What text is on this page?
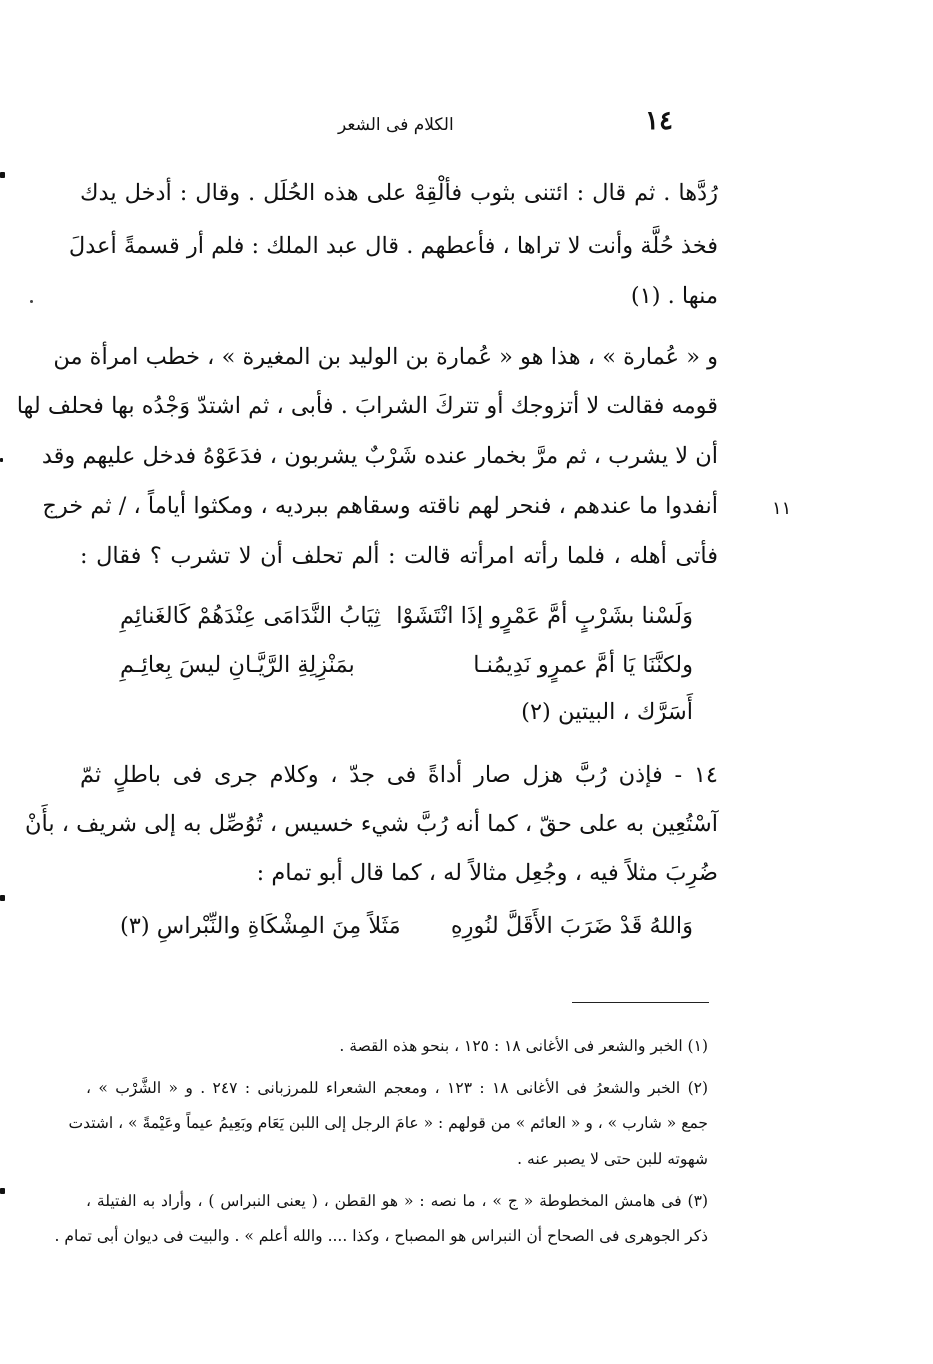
١٤
الكلام فى الشعر
رُدَّها . ثم قال : ائتنى بثوب فألْقِهْ على هذه الحُلَل . وقال : أدخل يدك
فخذ حُلَّة وأنت لا تراها ، فأعطهم . قال عبد الملك : فلم أر قسمةً أعدلَ
منها . (١)
و « عُمارة » ، هذا هو « عُمارة بن الوليد بن المغيرة » ، خطب امرأة من
قومه فقالت لا أتزوجك أو تتركَ الشرابَ . فأبى ، ثم اشتدّ وَجْدُه بها فحلف لها
أن لا يشرب ، ثم مرَّ بخمار عنده شَرْبٌ يشربون ، فدَعَوْهُ فدخل عليهم وقد
أنفدوا ما عندهم ، فنحر لهم ناقته وسقاهم ببرديه ، ومكثوا أياماً ، / ثم خرج
فأتى أهله ، فلما رأته امرأته قالت : ألم تحلف أن لا تشرب ؟ فقال :
١١
وَلَسْنا بشَرْبٍ أمَّ عَمْرٍو إذَا انْتَشَوْا
ثِيَابُ النَّدَامَى عِنْدَهُمْ كَالغَنائِمِ
ولكنَّنَا يَا أمَّ عمرٍو نَدِيمُنـا
بمَنْزِلِةِ الرَّيَّـانِ ليسَ بِعائِـمِ
أَسَرَّك ، البيتين (٢)
١٤ - فإذن رُبَّ هزل صار أداةً فى جدّ ، وكلام جرى فى باطلٍ ثمّ
آسْتُعِين به على حقّ ، كما أنه رُبَّ شيء خسيس ، تُوُصِّل به إلى شريف ، بأَنْ
ضُرِبَ مثلاً فيه ، وجُعِل مثالاً له ، كما قال أبو تمام :
وَاللهُ قَدْ ضَرَبَ الأَقَلَّ لنُورِهِ
مَثَلاً مِنَ المِشْكَاةِ والنِّبْراسِ (٣)
(١) الخبر والشعر فى الأغانى ١٨ : ١٢٥ ، بنحو هذه القصة .
(٢) الخبر والشعرُ فى الأغانى ١٨ : ١٢٣ ، ومعجم الشعراء للمرزبانى : ٢٤٧ . و « الشَّرْب » ،
جمع « شارب » ، و « العائم » من قولهم : « عامَ الرجل إلى اللبن يَعَام وبَعِيمُ عيماً وعَيْمةً » ، اشتدت
شهوته للبن حتى لا يصبر عنه .
(٣) فى هامش المخطوطة « ج » ، ما نصه : « هو القطن ، ( يعنى النبراس ) ، وأراد به الفتيلة ،
ذكر الجوهرى فى الصحاح أن النبراس هو المصباح ، وكذا .... والله أعلم » . والبيت فى ديوان أبى تمام .
